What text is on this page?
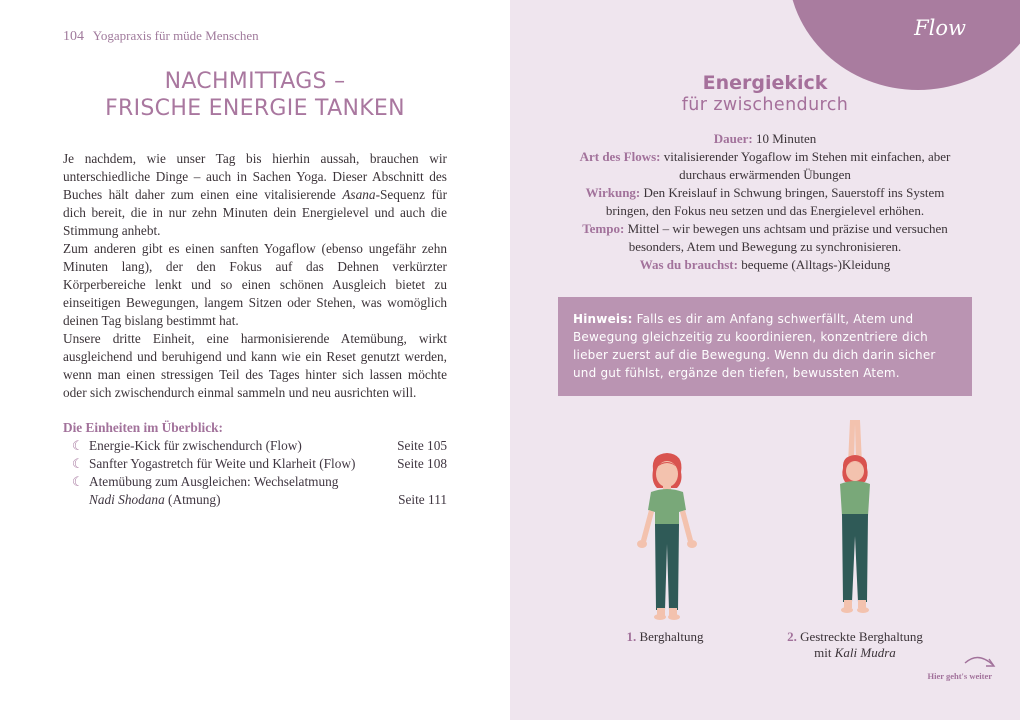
104 Yogapraxis für müde Menschen
NACHMITTAGS –
FRISCHE ENERGIE TANKEN

Je nachdem, wie unser Tag bis hierhin aussah, brauchen wir unterschiedliche Dinge – auch in Sachen Yoga. Dieser Abschnitt des Buches hält daher zum einen eine vitalisierende Asana-Sequenz für dich bereit, die in nur zehn Minuten dein Energielevel und auch die Stimmung anhebt.

Zum anderen gibt es einen sanften Yogaflow (ebenso ungefähr zehn Minuten lang), der den Fokus auf das Dehnen verkürzter Körperbereiche lenkt und so einen schönen Ausgleich bietet zu einseitigen Bewegungen, langem Sitzen oder Stehen, was womöglich deinen Tag bislang bestimmt hat.

Unsere dritte Einheit, eine harmonisierende Atemübung, wirkt ausgleichend und beruhigend und kann wie ein Reset genutzt werden, wenn man einen stressigen Teil des Tages hinter sich lassen möchte oder sich zwischendurch einmal sammeln und neu ausrichten will.

Die Einheiten im Überblick:
☾ Energie-Kick für zwischendurch (Flow)	Seite 105
☾ Sanfter Yogastretch für Weite und Klarheit (Flow)	Seite 108
☾ Atemübung zum Ausgleichen: Wechselatmung
Nadi Shodana (Atmung)	Seite 111
Flow
Energiekick
für zwischendurch
Dauer: 10 Minuten
Art des Flows: vitalisierender Yogaflow im Stehen mit einfachen, aber durchaus erwärmenden Übungen
Wirkung: Den Kreislauf in Schwung bringen, Sauerstoff ins System bringen, den Fokus neu setzen und das Energielevel erhöhen.
Tempo: Mittel – wir bewegen uns achtsam und präzise und versuchen besonders, Atem und Bewegung zu synchronisieren.
Was du brauchst: bequeme (Alltags-)Kleidung
Hinweis: Falls es dir am Anfang schwerfällt, Atem und Bewegung gleichzeitig zu koordinieren, konzentriere dich lieber zuerst auf die Bewegung. Wenn du dich darin sicher und gut fühlst, ergänze den tiefen, bewussten Atem.
1. Berghaltung	2. Gestreckte Berghaltung
mit Kali Mudra
Hier geht's weiter
